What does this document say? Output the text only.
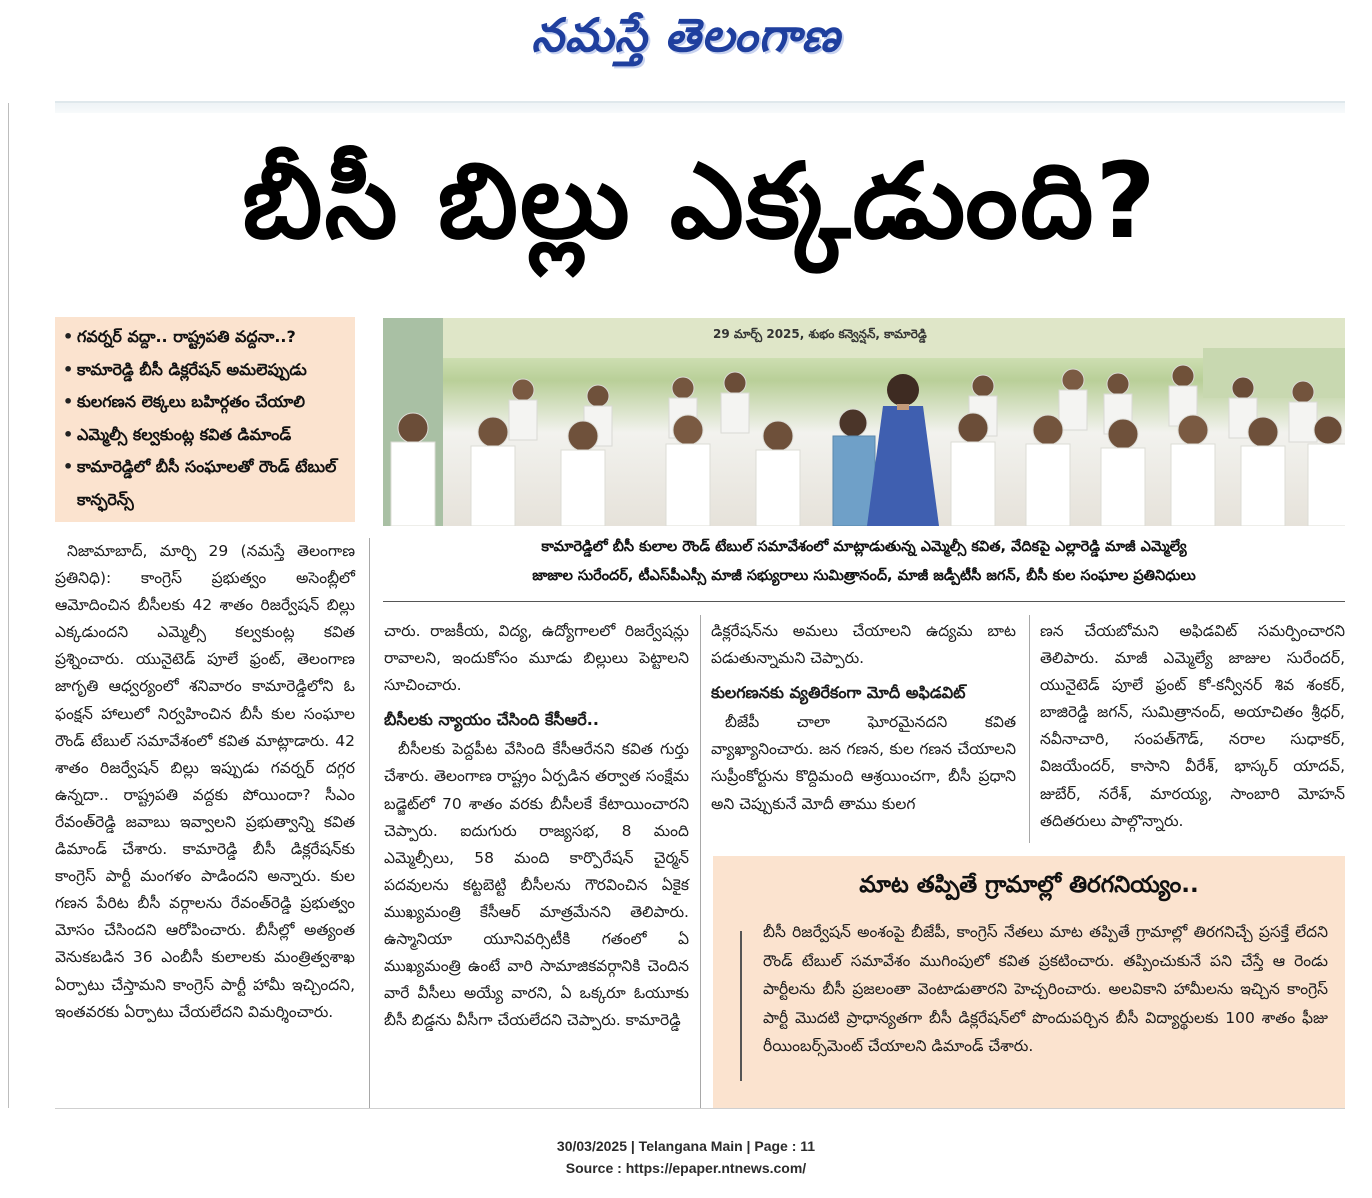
నమస్తే తెలంగాణ
బీసీ బిల్లు ఎక్కడుంది?
• గవర్నర్ వద్దా.. రాష్ట్రపతి వద్దనా..?
• కామారెడ్డి బీసీ డిక్లరేషన్ అమలెప్పుడు
• కులగణన లెక్కలు బహిర్గతం చేయాలి
• ఎమ్మెల్సీ కల్వకుంట్ల కవిత డిమాండ్
• కామారెడ్డిలో బీసీ సంఘాలతో రౌండ్ టేబుల్ కాన్ఫరెన్స్
29 మార్చ్ 2025, శుభం కన్వెన్షన్, కామారెడ్డి

కామారెడ్డిలో బీసీ కులాల రౌండ్ టేబుల్ సమావేశంలో మాట్లాడుతున్న ఎమ్మెల్సీ కవిత, వేదికపై ఎల్లారెడ్డి మాజీ ఎమ్మెల్యే

జాజాల సురేందర్, టీఎస్‌పీఎస్సీ మాజీ సభ్యురాలు సుమిత్రానంద్, మాజీ జడ్పీటీసీ జగన్, బీసీ కుల సంఘాల ప్రతినిధులు

నిజామాబాద్, మార్చి 29 (నమస్తే తెలంగాణ ప్రతినిధి): కాంగ్రెస్ ప్రభుత్వం అసెంబ్లీలో ఆమోదించిన బీసీలకు 42 శాతం రిజర్వేషన్ బిల్లు ఎక్కడుందని ఎమ్మెల్సీ కల్వకుంట్ల కవిత ప్రశ్నించారు. యునైటెడ్ పూలే ఫ్రంట్, తెలంగాణ జాగృతి ఆధ్వర్యంలో శనివారం కామారెడ్డిలోని ఓ ఫంక్షన్ హాలులో నిర్వహించిన బీసీ కుల సంఘాల రౌండ్ టేబుల్ సమావేశంలో కవిత మాట్లాడారు. 42 శాతం రిజర్వేషన్ బిల్లు ఇప్పుడు గవర్నర్ దగ్గర ఉన్నదా.. రాష్ట్రపతి వద్దకు పోయిందా? సీఎం రేవంత్‌రెడ్డి జవాబు ఇవ్వాలని ప్రభుత్వాన్ని కవిత డిమాండ్ చేశారు. కామారెడ్డి బీసీ డిక్లరేషన్‌కు కాంగ్రెస్ పార్టీ మంగళం పాడిందని అన్నారు. కుల గణన పేరిట బీసీ వర్గాలను రేవంత్‌రెడ్డి ప్రభుత్వం మోసం చేసిందని ఆరోపించారు. బీసీల్లో అత్యంత వెనుకబడిన 36 ఎంబీసీ కులాలకు మంత్రిత్వశాఖ ఏర్పాటు చేస్తామని కాంగ్రెస్ పార్టీ హామీ ఇచ్చిందని, ఇంతవరకు ఏర్పాటు చేయలేదని విమర్శించారు.

చారు. రాజకీయ, విద్య, ఉద్యోగాలలో రిజర్వేషన్లు రావాలని, ఇందుకోసం మూడు బిల్లులు పెట్టాలని సూచించారు.

బీసీలకు న్యాయం చేసింది కేసీఆరే..

బీసీలకు పెద్దపీట వేసింది కేసీఆరేనని కవిత గుర్తు చేశారు. తెలంగాణ రాష్ట్రం ఏర్పడిన తర్వాత సంక్షేమ బడ్జెట్‌లో 70 శాతం వరకు బీసీలకే కేటాయించారని చెప్పారు. ఐదుగురు రాజ్యసభ, 8 మంది ఎమ్మెల్సీలు, 58 మంది కార్పొరేషన్ చైర్మన్ పదవులను కట్టబెట్టి బీసీలను గౌరవించిన ఏకైక ముఖ్యమంత్రి కేసీఆర్ మాత్రమేనని తెలిపారు. ఉస్మానియా యూనివర్సిటీకి గతంలో ఏ ముఖ్యమంత్రి ఉంటే వారి సామాజికవర్గానికి చెందిన వారే వీసీలు అయ్యే వారని, ఏ ఒక్కరూ ఓయూకు బీసీ బిడ్డను వీసీగా చేయలేదని చెప్పారు. కామారెడ్డి

డిక్లరేషన్‌ను అమలు చేయాలని ఉద్యమ బాట పడుతున్నామని చెప్పారు.

కులగణనకు వ్యతిరేకంగా మోదీ అఫిడవిట్

బీజేపీ చాలా ఘోరమైనదని కవిత వ్యాఖ్యానించారు. జన గణన, కుల గణన చేయాలని సుప్రీంకోర్టును కొద్దిమంది ఆశ్రయించగా, బీసీ ప్రధాని అని చెప్పుకునే మోదీ తాము కులగ

ణన చేయబోమని అఫిడవిట్ సమర్పించారని తెలిపారు. మాజీ ఎమ్మెల్యే జాజుల సురేందర్, యునైటెడ్ పూలే ఫ్రంట్ కో-కన్వీనర్ శివ శంకర్, బాజిరెడ్డి జగన్, సుమిత్రానంద్, అయాచితం శ్రీధర్, నవీనాచారి, సంపత్‌గౌడ్, నరాల సుధాకర్, విజయేందర్, కాసాని వీరేశ్, భాస్కర్ యాదవ్, జుబేర్, నరేశ్, మారయ్య, సాంబారి మోహన్ తదితరులు పాల్గొన్నారు.

మాట తప్పితే గ్రామాల్లో తిరగనియ్యం..
బీసీ రిజర్వేషన్ అంశంపై బీజేపీ, కాంగ్రెస్ నేతలు మాట తప్పితే గ్రామాల్లో తిరగనిచ్చే ప్రసక్తే లేదని రౌండ్ టేబుల్ సమావేశం ముగింపులో కవిత ప్రకటించారు. తప్పించుకునే పని చేస్తే ఆ రెండు పార్టీలను బీసీ ప్రజలంతా వెంటాడుతారని హెచ్చరించారు. అలవికాని హామీలను ఇచ్చిన కాంగ్రెస్ పార్టీ మొదటి ప్రాధాన్యతగా బీసీ డిక్లరేషన్‌లో పొందుపర్చిన బీసీ విద్యార్థులకు 100 శాతం ఫీజు రీయింబర్స్‌మెంట్ చేయాలని డిమాండ్ చేశారు.
30/03/2025 | Telangana Main | Page : 11
Source : https://epaper.ntnews.com/
